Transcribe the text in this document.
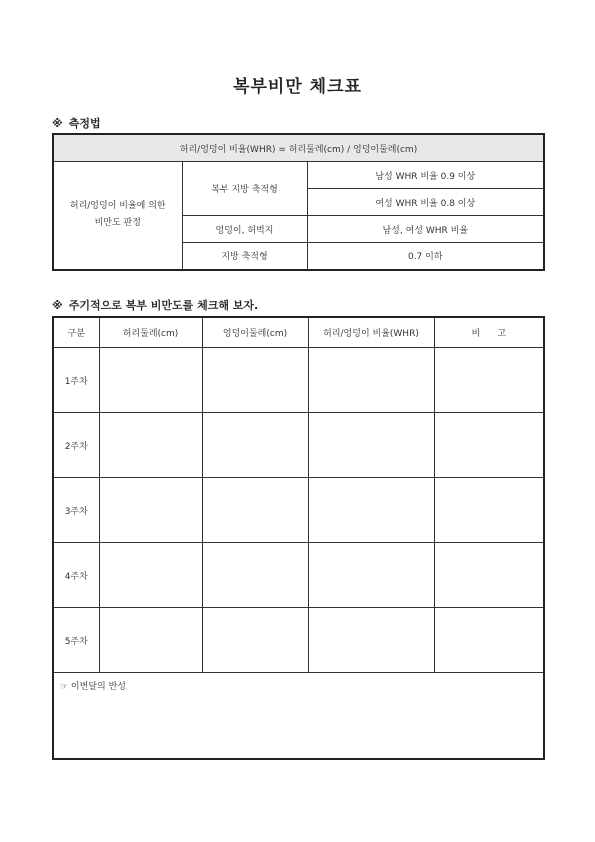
복부비만 체크표
※ 측정법
허리/엉덩이 비율(WHR) = 허리둘레(cm) / 엉덩이둘레(cm)		
허리/엉덩이 비율에 의한
비만도 판정	복부 지방 축적형	남성 WHR 비율 0.9 이상
		여성 WHR 비율 0.8 이상
	엉덩이, 허벅지	남성, 여성 WHR 비율
	지방 축적형	0.7 이하
※ 주기적으로 복부 비만도를 체크해 보자.
구분	허리둘레(cm)	엉덩이둘레(cm)	허리/엉덩이 비율(WHR)	비      고
1주차				
2주차				
3주차				
4주차				
5주차				
☞ 이번달의 반성				
